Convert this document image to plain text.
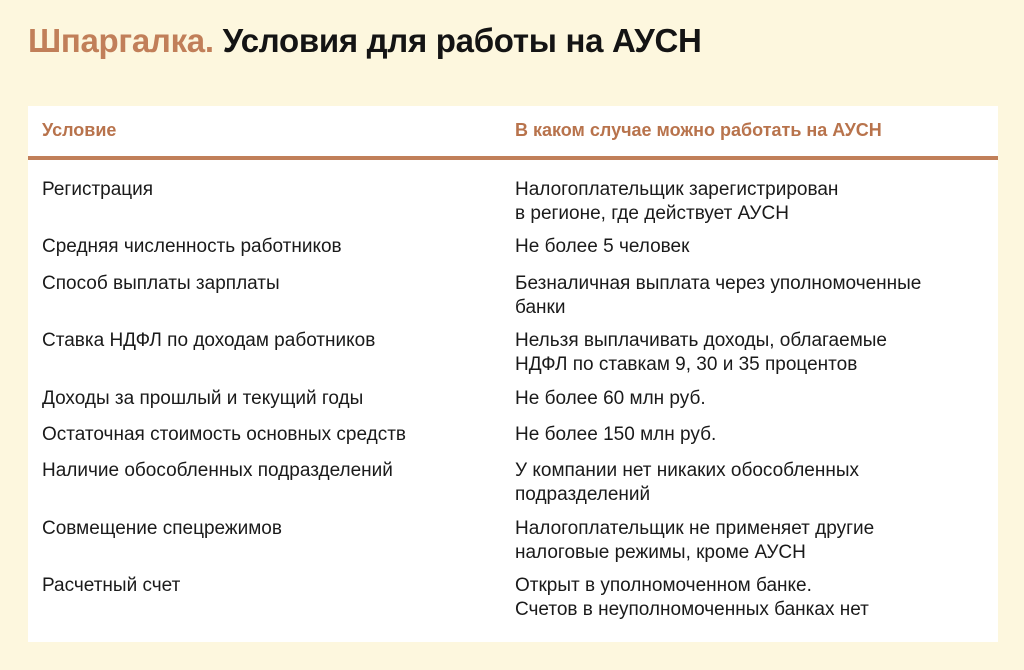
Шпаргалка. Условия для работы на АУСН
Условие	В каком случае можно работать на АУСН
Регистрация	Налогоплательщик зарегистрирован
в регионе, где действует АУСН
Средняя численность работников	Не более 5 человек
Способ выплаты зарплаты	Безналичная выплата через уполномоченные
банки
Ставка НДФЛ по доходам работников	Нельзя выплачивать доходы, облагаемые
НДФЛ по ставкам 9, 30 и 35 процентов
Доходы за прошлый и текущий годы	Не более 60 млн руб.
Остаточная стоимость основных средств	Не более 150 млн руб.
Наличие обособленных подразделений	У компании нет никаких обособленных
подразделений
Совмещение спецрежимов	Налогоплательщик не применяет другие
налоговые режимы, кроме АУСН
Расчетный счет	Открыт в уполномоченном банке.
Счетов в неуполномоченных банках нет
